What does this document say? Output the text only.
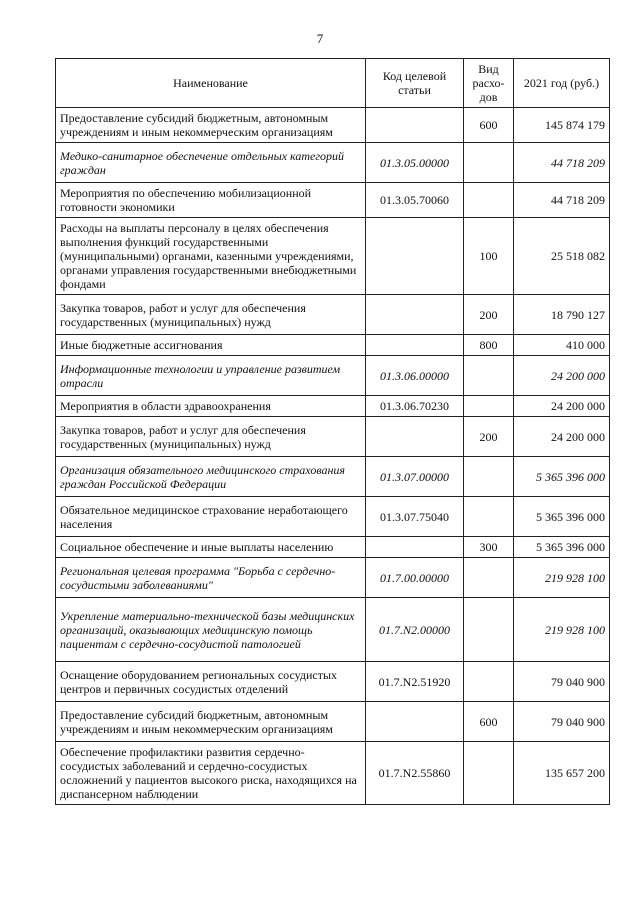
7
Наименование	Код целевой статьи	Вид расхо-дов	2021 год (руб.)
Предоставление субсидий бюджетным, автономным учреждениям и иным некоммерческим организациям		600	145 874 179
Медико-санитарное обеспечение отдельных категорий граждан	01.3.05.00000		44 718 209
Мероприятия по обеспечению мобилизационной готовности экономики	01.3.05.70060		44 718 209
Расходы на выплаты персоналу в целях обеспечения выполнения функций государственными (муниципальными) органами, казенными учреждениями, органами управления государственными внебюджетными фондами		100	25 518 082
Закупка товаров, работ и услуг для обеспечения государственных (муниципальных) нужд		200	18 790 127
Иные бюджетные ассигнования		800	410 000
Информационные технологии и управление развитием отрасли	01.3.06.00000		24 200 000
Мероприятия в области здравоохранения	01.3.06.70230		24 200 000
Закупка товаров, работ и услуг для обеспечения государственных (муниципальных) нужд		200	24 200 000
Организация обязательного медицинского страхования граждан Российской Федерации	01.3.07.00000		5 365 396 000
Обязательное медицинское страхование неработающего населения	01.3.07.75040		5 365 396 000
Социальное обеспечение и иные выплаты населению		300	5 365 396 000
Региональная целевая программа "Борьба с сердечно-сосудистыми заболеваниями"	01.7.00.00000		219 928 100
Укрепление материально-технической базы медицинских организаций, оказывающих медицинскую помощь пациентам с сердечно-сосудистой патологией	01.7.N2.00000		219 928 100
Оснащение оборудованием региональных сосудистых центров и первичных сосудистых отделений	01.7.N2.51920		79 040 900
Предоставление субсидий бюджетным, автономным учреждениям и иным некоммерческим организациям		600	79 040 900
Обеспечение профилактики развития сердечно-сосудистых заболеваний и сердечно-сосудистых осложнений у пациентов высокого риска, находящихся на диспансерном наблюдении	01.7.N2.55860		135 657 200
